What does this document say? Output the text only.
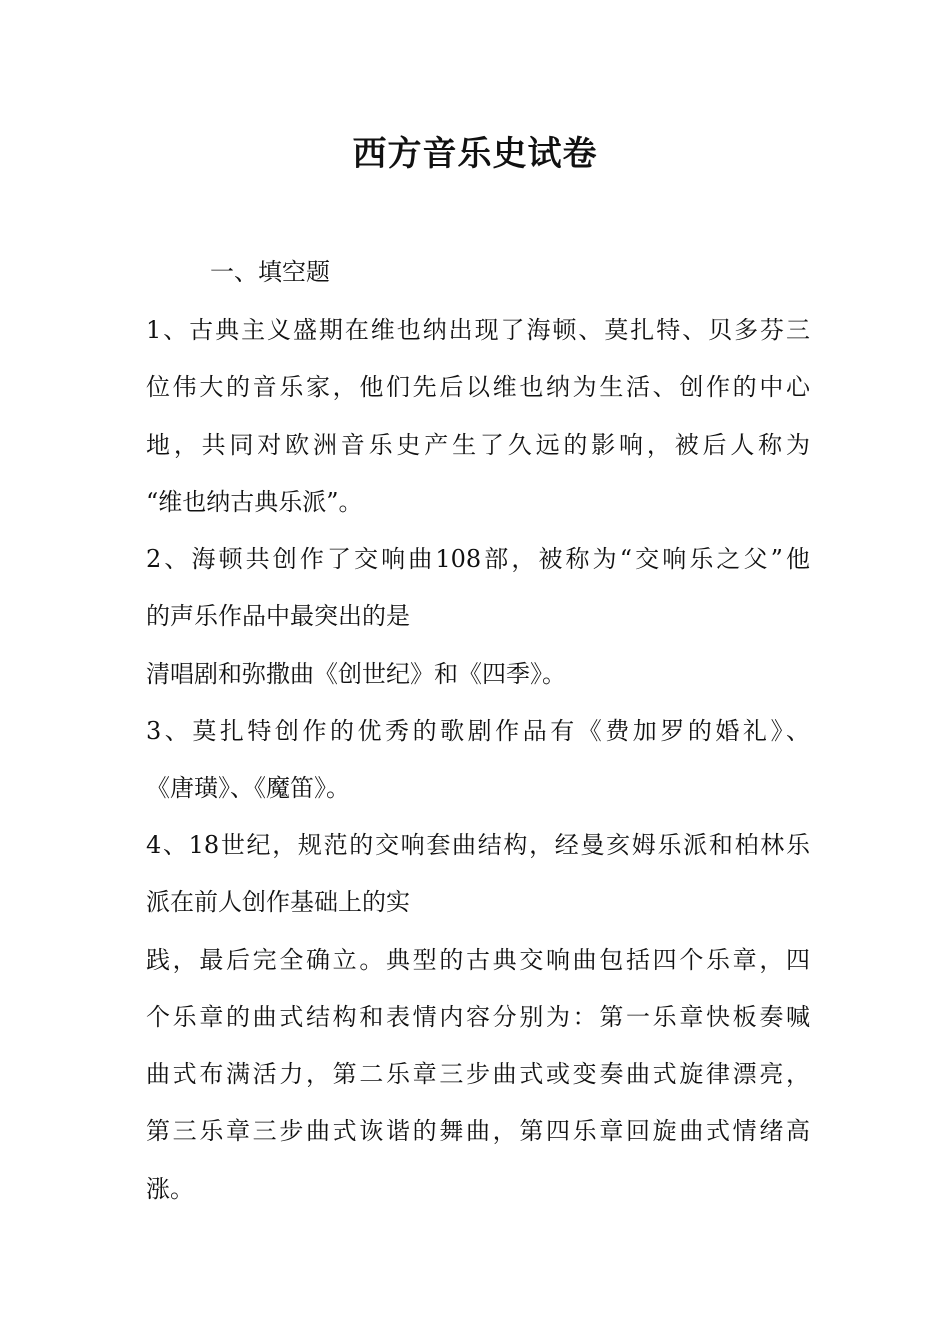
西方音乐史试卷

一、填空题

1、古典主义盛期在维也纳出现了海顿、莫扎特、贝多芬三

位伟大的音乐家，他们先后以维也纳为生活、创作的中心

地，共同对欧洲音乐史产生了久远的影响，被后人称为

“维也纳古典乐派”。

2、海顿共创作了交响曲108部，被称为“交响乐之父”他

的声乐作品中最突出的是

清唱剧和弥撒曲《创世纪》和《四季》。

3、莫扎特创作的优秀的歌剧作品有《费加罗的婚礼》、

《唐璜》、《魔笛》。

4、18世纪，规范的交响套曲结构，经曼亥姆乐派和柏林乐

派在前人创作基础上的实

践，最后完全确立。典型的古典交响曲包括四个乐章，四

个乐章的曲式结构和表情内容分别为：第一乐章快板奏喊

曲式布满活力，第二乐章三步曲式或变奏曲式旋律漂亮，

第三乐章三步曲式诙谐的舞曲，第四乐章回旋曲式情绪高

涨。
